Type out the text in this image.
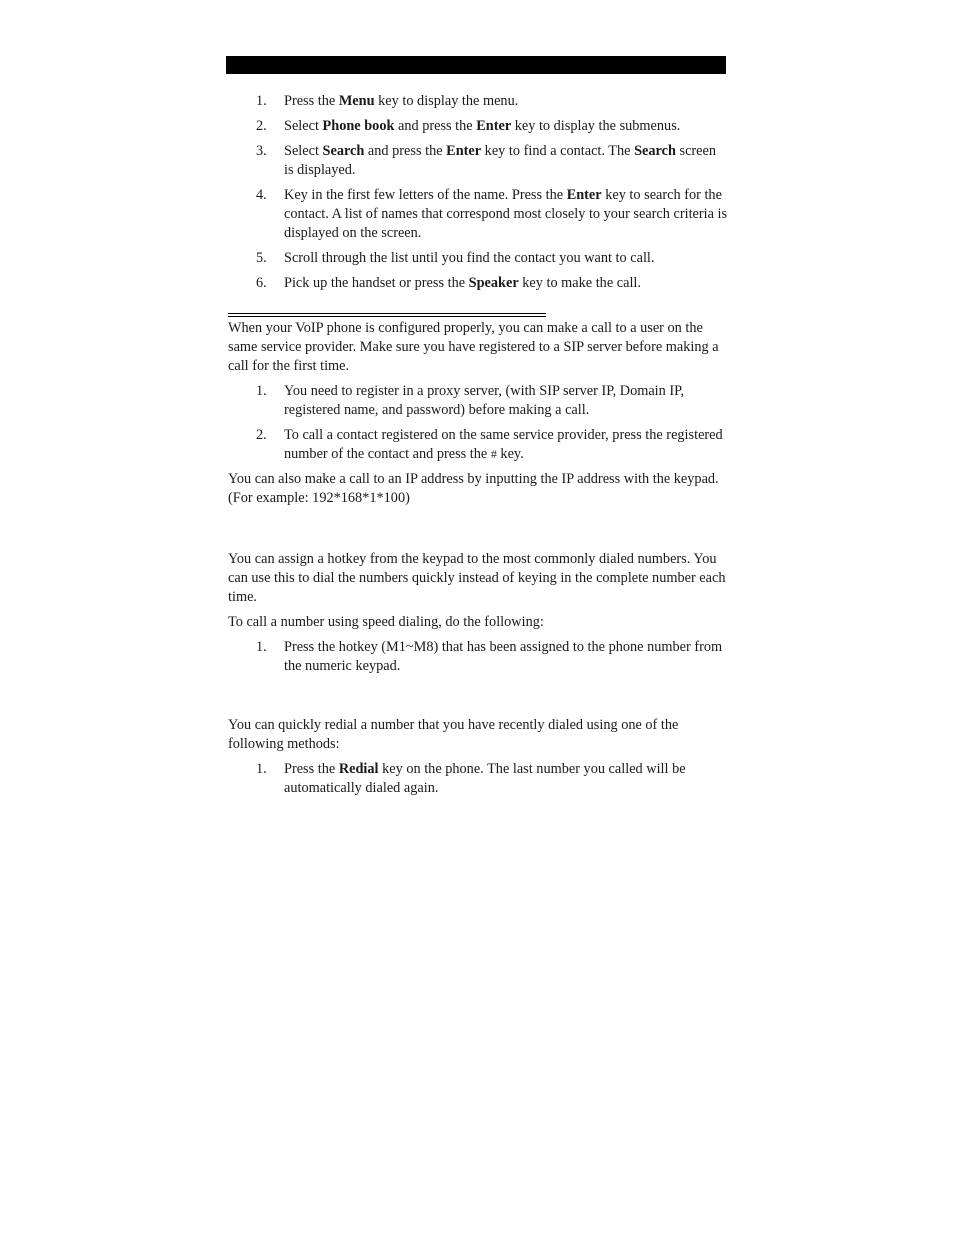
1. Press the Menu key to display the menu.
2. Select Phone book and press the Enter key to display the submenus.
3. Select Search and press the Enter key to find a contact. The Search screen is displayed.
4. Key in the first few letters of the name. Press the Enter key to search for the contact. A list of names that correspond most closely to your search criteria is displayed on the screen.
5. Scroll through the list until you find the contact you want to call.
6. Pick up the handset or press the Speaker key to make the call.

When your VoIP phone is configured properly, you can make a call to a user on the same service provider. Make sure you have registered to a SIP server before making a call for the first time.

1. You need to register in a proxy server, (with SIP server IP, Domain IP, registered name, and password) before making a call.
2. To call a contact registered on the same service provider, press the registered number of the contact and press the # key.

You can also make a call to an IP address by inputting the IP address with the keypad. (For example: 192*168*1*100)

You can assign a hotkey from the keypad to the most commonly dialed numbers. You can use this to dial the numbers quickly instead of keying in the complete number each time.

To call a number using speed dialing, do the following:

1. Press the hotkey (M1~M8) that has been assigned to the phone number from the numeric keypad.

You can quickly redial a number that you have recently dialed using one of the following methods:

1. Press the Redial key on the phone. The last number you called will be automatically dialed again.
